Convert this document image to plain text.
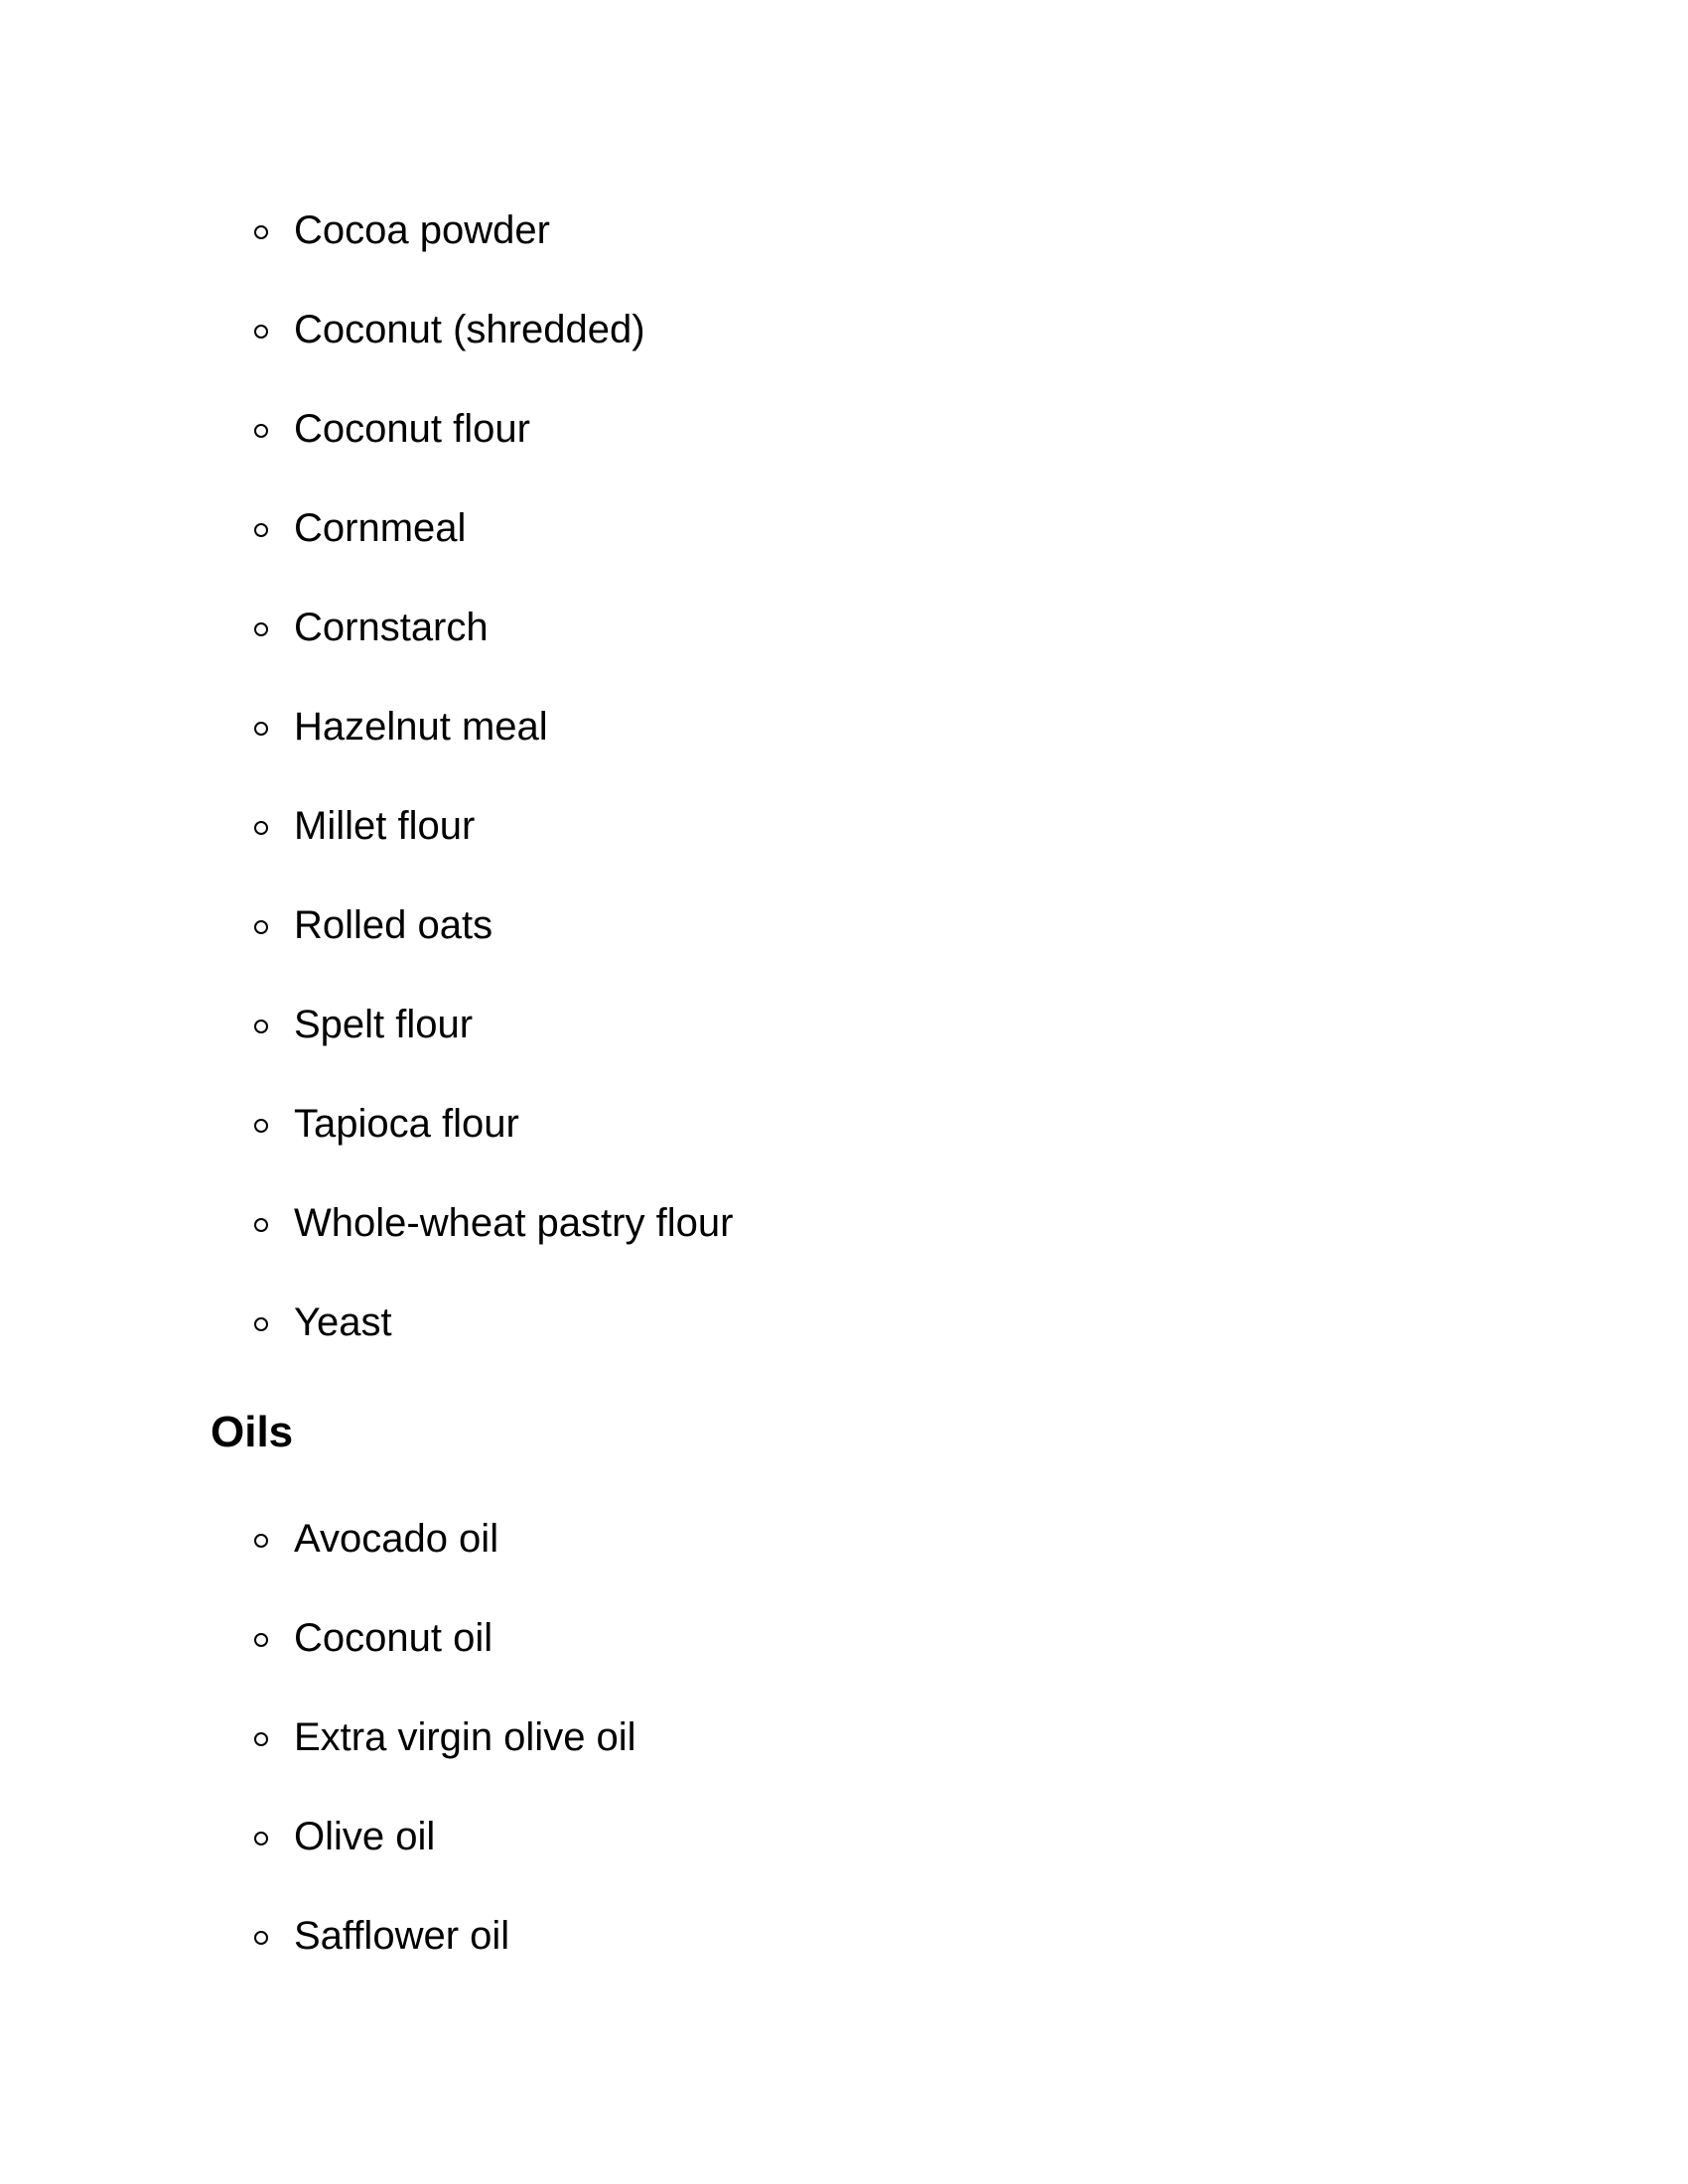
Cocoa powder
Coconut (shredded)
Coconut flour
Cornmeal
Cornstarch
Hazelnut meal
Millet flour
Rolled oats
Spelt flour
Tapioca flour
Whole-wheat pastry flour
Yeast
Oils
Avocado oil
Coconut oil
Extra virgin olive oil
Olive oil
Safflower oil
